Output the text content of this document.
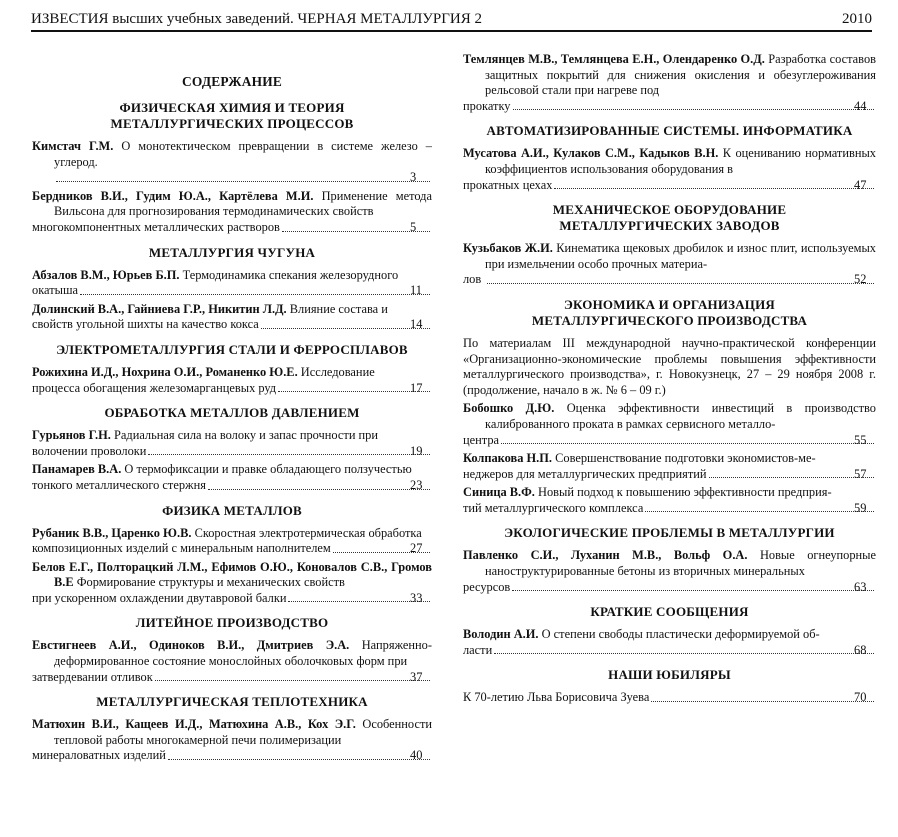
ИЗВЕСТИЯ высших учебных заведений. ЧЕРНАЯ МЕТАЛЛУРГИЯ 2	2010
СОДЕРЖАНИЕ
ФИЗИЧЕСКАЯ ХИМИЯ И ТЕОРИЯ
МЕТАЛЛУРГИЧЕСКИХ ПРОЦЕССОВ
Кимстач Г.М. О монотектическом превращении в системе железо – углерод.
3
Бердников В.И., Гудим Ю.А., Картёлева М.И. Применение метода Вильсона для прогнозирования термодинамических свойств
многокомпонентных металлических растворов	5
МЕТАЛЛУРГИЯ ЧУГУНА
Абзалов В.М., Юрьев Б.П. Термодинамика спекания железорудного
окатыша	11
Долинский В.А., Гайниева Г.Р., Никитин Л.Д. Влияние состава и
свойств угольной шихты на качество кокса	14
ЭЛЕКТРОМЕТАЛЛУРГИЯ СТАЛИ И ФЕРРОСПЛАВОВ
Рожихина И.Д., Нохрина О.И., Романенко Ю.Е. Исследование
процесса обогащения железомарганцевых руд	17
ОБРАБОТКА МЕТАЛЛОВ ДАВЛЕНИЕМ
Гурьянов Г.Н. Радиальная сила на волоку и запас прочности при
волочении проволоки	19
Панамарев В.А. О термофиксации и правке обладающего ползучестью
тонкого металлического стержня	23
ФИЗИКА МЕТАЛЛОВ
Рубаник В.В., Царенко Ю.В. Скоростная электротермическая обработка
композиционных изделий с минеральным наполнителем	27
Белов Е.Г., Полторацкий Л.М., Ефимов О.Ю., Коновалов С.В., Громов В.Е Формирование структуры и механических свойств
при ускоренном охлаждении двутавровой балки	33
ЛИТЕЙНОЕ ПРОИЗВОДСТВО
Евстигнеев А.И., Одиноков В.И., Дмитриев Э.А. Напряженно-деформированное состояние монослойных оболочковых форм при
затвердевании отливок	37
МЕТАЛЛУРГИЧЕСКАЯ ТЕПЛОТЕХНИКА
Матюхин В.И., Кащеев И.Д., Матюхина А.В., Кох Э.Г. Особенности тепловой работы многокамерной печи полимеризации
минераловатных изделий	40
Темлянцев М.В., Темлянцева Е.Н., Олендаренко О.Д. Разработка составов защитных покрытий для снижения окисления и обезуглероживания рельсовой стали при нагреве под
прокатку	44
АВТОМАТИЗИРОВАННЫЕ СИСТЕМЫ. ИНФОРМАТИКА
Мусатова А.И., Кулаков С.М., Кадыков В.Н. К оцениванию нормативных коэффициентов использования оборудования в
прокатных цехах	47
МЕХАНИЧЕСКОЕ ОБОРУДОВАНИЕ
МЕТАЛЛУРГИЧЕСКИХ ЗАВОДОВ
Кузьбаков Ж.И. Кинематика щековых дробилок и износ плит, используемых при измельчении особо прочных материа-
лов	52
ЭКОНОМИКА И ОРГАНИЗАЦИЯ
МЕТАЛЛУРГИЧЕСКОГО ПРОИЗВОДСТВА
По материалам III международной научно-практической конференции «Организационно-экономические проблемы повышения эффективности металлургического производства», г. Новокузнецк, 27 – 29 ноября 2008 г. (продолжение, начало в ж. № 6 – 09 г.)
Бобошко Д.Ю. Оценка эффективности инвестиций в производство калиброванного проката в рамках сервисного металло-
центра	55
Колпакова Н.П. Совершенствование подготовки экономистов-ме-
неджеров для металлургических предприятий	57
Синица В.Ф. Новый подход к повышению эффективности предприя-
тий металлургического комплекса	59
ЭКОЛОГИЧЕСКИЕ ПРОБЛЕМЫ В МЕТАЛЛУРГИИ
Павленко С.И., Луханин М.В., Вольф О.А. Новые огнеупорные наноструктурированные бетоны из вторичных минеральных
ресурсов	63
КРАТКИЕ СООБЩЕНИЯ
Володин А.И. О степени свободы пластически деформируемой об-
ласти	68
НАШИ ЮБИЛЯРЫ
К 70-летию Льва Борисовича Зуева	70
